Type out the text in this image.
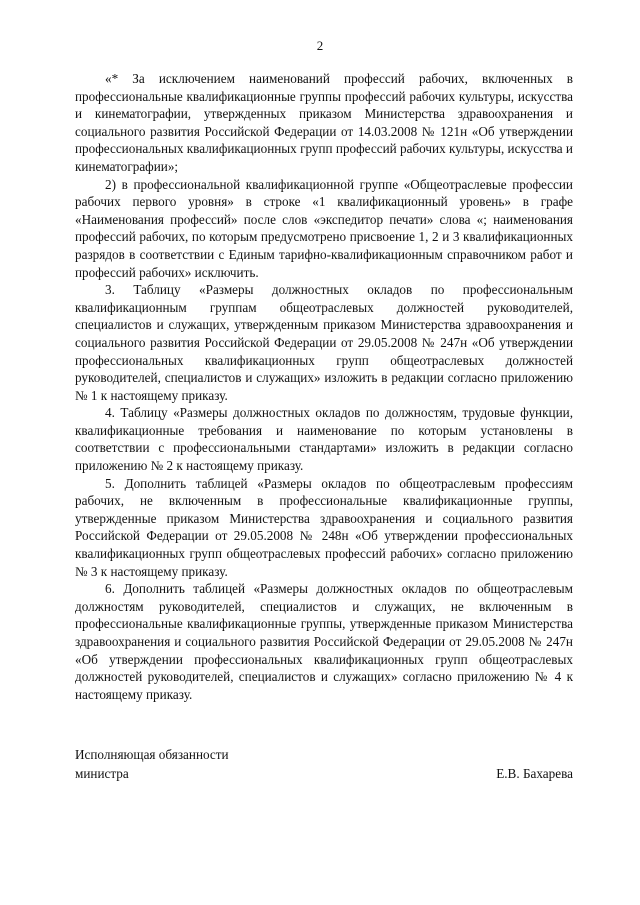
2

«* За исключением наименований профессий рабочих, включенных в профессиональные квалификационные группы профессий рабочих культуры, искусства и кинематографии, утвержденных приказом Министерства здравоохранения и социального развития Российской Федерации от 14.03.2008 № 121н «Об утверждении профессиональных квалификационных групп профессий рабочих культуры, искусства и кинематографии»;

2) в профессиональной квалификационной группе «Общеотраслевые профессии рабочих первого уровня» в строке «1 квалификационный уровень» в графе «Наименования профессий» после слов «экспедитор печати» слова «; наименования профессий рабочих, по которым предусмотрено присвоение 1, 2 и 3 квалификационных разрядов в соответствии с Единым тарифно-квалификационным справочником работ и профессий рабочих» исключить.

3. Таблицу «Размеры должностных окладов по профессиональным квалификационным группам общеотраслевых должностей руководителей, специалистов и служащих, утвержденным приказом Министерства здравоохранения и социального развития Российской Федерации от 29.05.2008 № 247н «Об утверждении профессиональных квалификационных групп общеотраслевых должностей руководителей, специалистов и служащих» изложить в редакции согласно приложению № 1 к настоящему приказу.

4. Таблицу «Размеры должностных окладов по должностям, трудовые функции, квалификационные требования и наименование по которым установлены в соответствии с профессиональными стандартами» изложить в редакции согласно приложению № 2 к настоящему приказу.

5. Дополнить таблицей «Размеры окладов по общеотраслевым профессиям рабочих, не включенным в профессиональные квалификационные группы, утвержденные приказом Министерства здравоохранения и социального развития Российской Федерации от 29.05.2008 № 248н «Об утверждении профессиональных квалификационных групп общеотраслевых профессий рабочих» согласно приложению № 3 к настоящему приказу.

6. Дополнить таблицей «Размеры должностных окладов по общеотраслевым должностям руководителей, специалистов и служащих, не включенным в профессиональные квалификационные группы, утвержденные приказом Министерства здравоохранения и социального развития Российской Федерации от 29.05.2008 № 247н «Об утверждении профессиональных квалификационных групп общеотраслевых должностей руководителей, специалистов и служащих» согласно приложению № 4 к настоящему приказу.

Исполняющая обязанности
министра	Е.В. Бахарева
